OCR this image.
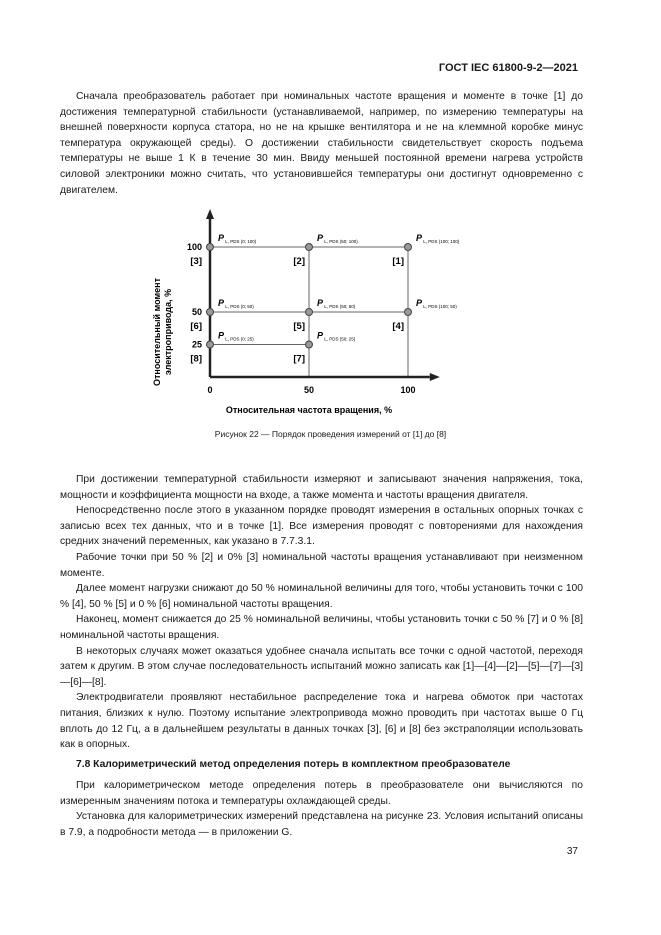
ГОСТ IEC 61800-9-2—2021

Сначала преобразователь работает при номинальных частоте вращения и моменте в точке [1] до достижения температурной стабильности (устанавливаемой, например, по измерению температуры на внешней поверхности корпуса статора, но не на крышке вентилятора и не на клеммной коробке минус температура окружающей среды). О достижении стабильности свидетельствует скорость подъема температуры не выше 1 К в течение 30 мин. Ввиду меньшей постоянной времени нагрева устройств силовой электроники можно считать, что установившейся температуры они достигнут одновременно с двигателем.

100
[3]
50
[6]
25
[8]
0	50	100
P $_{L, PDS (0; 100)}$	P $_{L, PDS (50; 100)}$
[2]
P $_{L, PDS (100; 100)}$
[1]
P $_{L, PDS (0; 50)}$	P $_{L, PDS (50; 50)}$
[5]
P $_{L, PDS (100; 50)}$
[4]
P $_{L, PDS (0; 25)}$	P $_{L, PDS (50; 25)}$
[7]
Относительная частота вращения, %
Относительный моментэлектропривода, %
Рисунок 22 — Порядок проведения измерений от [1] до [8]

При достижении температурной стабильности измеряют и записывают значения напряжения, тока, мощности и коэффициента мощности на входе, а также момента и частоты вращения двигателя.

Непосредственно после этого в указанном порядке проводят измерения в остальных опорных точках с записью всех тех данных, что и в точке [1]. Все измерения проводят с повторениями для нахождения средних значений переменных, как указано в 7.7.3.1.

Рабочие точки при 50 % [2] и 0% [3] номинальной частоты вращения устанавливают при неизменном моменте.

Далее момент нагрузки снижают до 50 % номинальной величины для того, чтобы установить точки с 100 % [4], 50 % [5] и 0 % [6] номинальной частоты вращения.

Наконец, момент снижается до 25 % номинальной величины, чтобы установить точки с 50 % [7] и 0 % [8] номинальной частоты вращения.

В некоторых случаях может оказаться удобнее сначала испытать все точки с одной частотой, переходя затем к другим. В этом случае последовательность испытаний можно записать как [1]—[4]—[2]—[5]—[7]—[3]—[6]—[8].

Электродвигатели проявляют нестабильное распределение тока и нагрева обмоток при частотах питания, близких к нулю. Поэтому испытание электропривода можно проводить при частотах выше 0 Гц вплоть до 12 Гц, а в дальнейшем результаты в данных точках [3], [6] и [8] без экстраполяции использовать как в опорных.

7.8 Калориметрический метод определения потерь в комплектном преобразователе

При калориметрическом методе определения потерь в преобразователе они вычисляются по измеренным значениям потока и температуры охлаждающей среды.

Установка для калориметрических измерений представлена на рисунке 23. Условия испытаний описаны в 7.9, а подробности метода — в приложении G.

37
